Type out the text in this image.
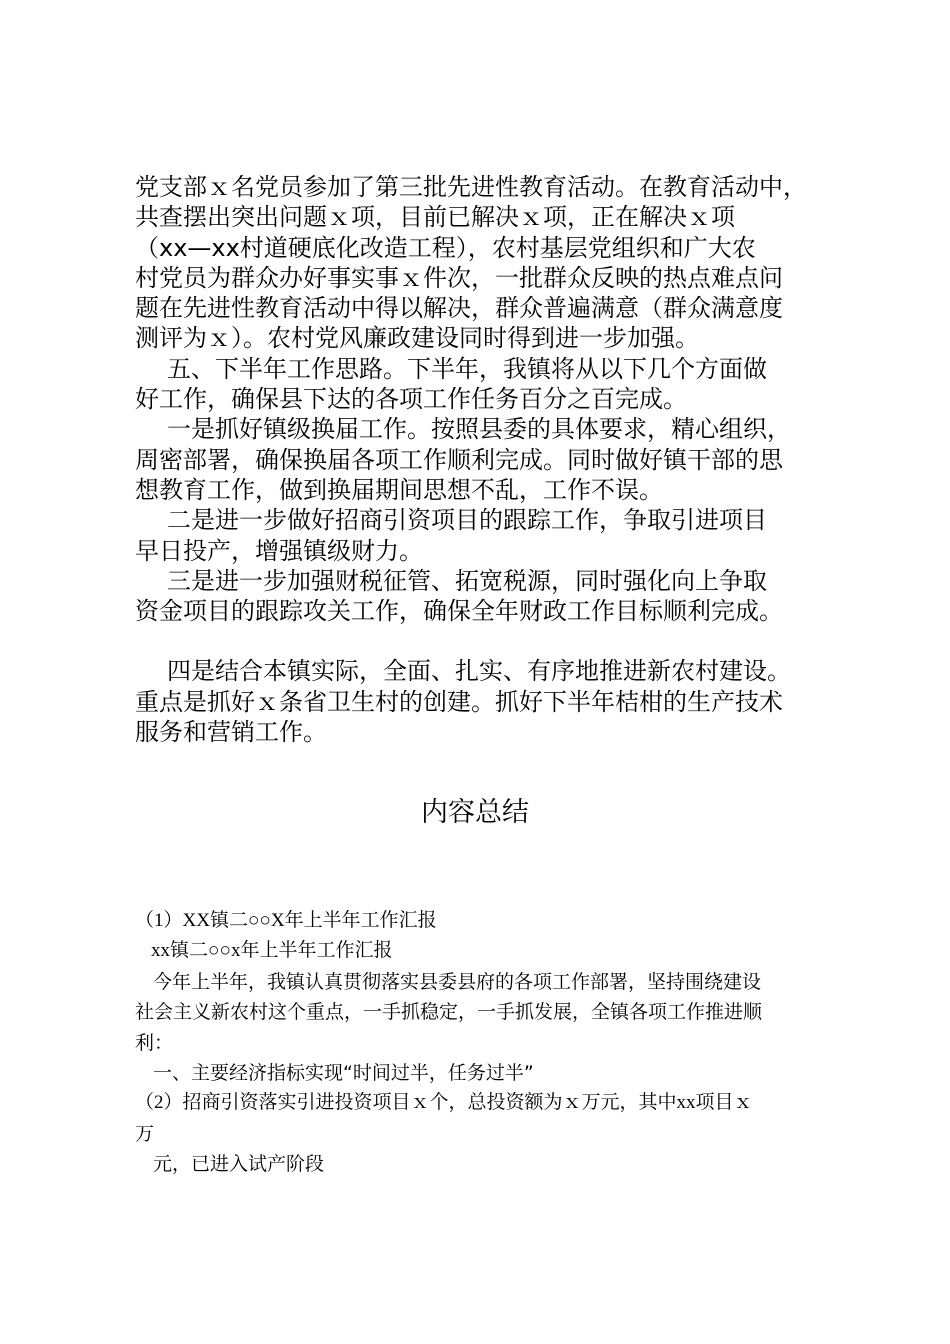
党支部ｘ名党员参加了第三批先进性教育活动。在教育活动中，
共查摆出突出问题ｘ项，目前已解决ｘ项，正在解决ｘ项
（xx—xx村道硬底化改造工程），农村基层党组织和广大农
村党员为群众办好事实事ｘ件次，一批群众反映的热点难点问
题在先进性教育活动中得以解决，群众普遍满意（群众满意度
测评为ｘ）。农村党风廉政建设同时得到进一步加强。
五、下半年工作思路。下半年，我镇将从以下几个方面做
好工作，确保县下达的各项工作任务百分之百完成。
一是抓好镇级换届工作。按照县委的具体要求，精心组织，
周密部署，确保换届各项工作顺利完成。同时做好镇干部的思
想教育工作，做到换届期间思想不乱，工作不误。
二是进一步做好招商引资项目的跟踪工作，争取引进项目
早日投产，增强镇级财力。
三是进一步加强财税征管、拓宽税源，同时强化向上争取
资金项目的跟踪攻关工作，确保全年财政工作目标顺利完成。
四是结合本镇实际，全面、扎实、有序地推进新农村建设。
重点是抓好ｘ条省卫生村的创建。抓好下半年桔柑的生产技术
服务和营销工作。
内容总结
（1）XX镇二○○X年上半年工作汇报
xx镇二○○x年上半年工作汇报
今年上半年，我镇认真贯彻落实县委县府的各项工作部署，坚持围绕建设
社会主义新农村这个重点，一手抓稳定，一手抓发展，全镇各项工作推进顺
利：
一、主要经济指标实现“时间过半，任务过半”
（2）招商引资落实引进投资项目ｘ个，总投资额为ｘ万元，其中xx项目ｘ
万
元，已进入试产阶段
